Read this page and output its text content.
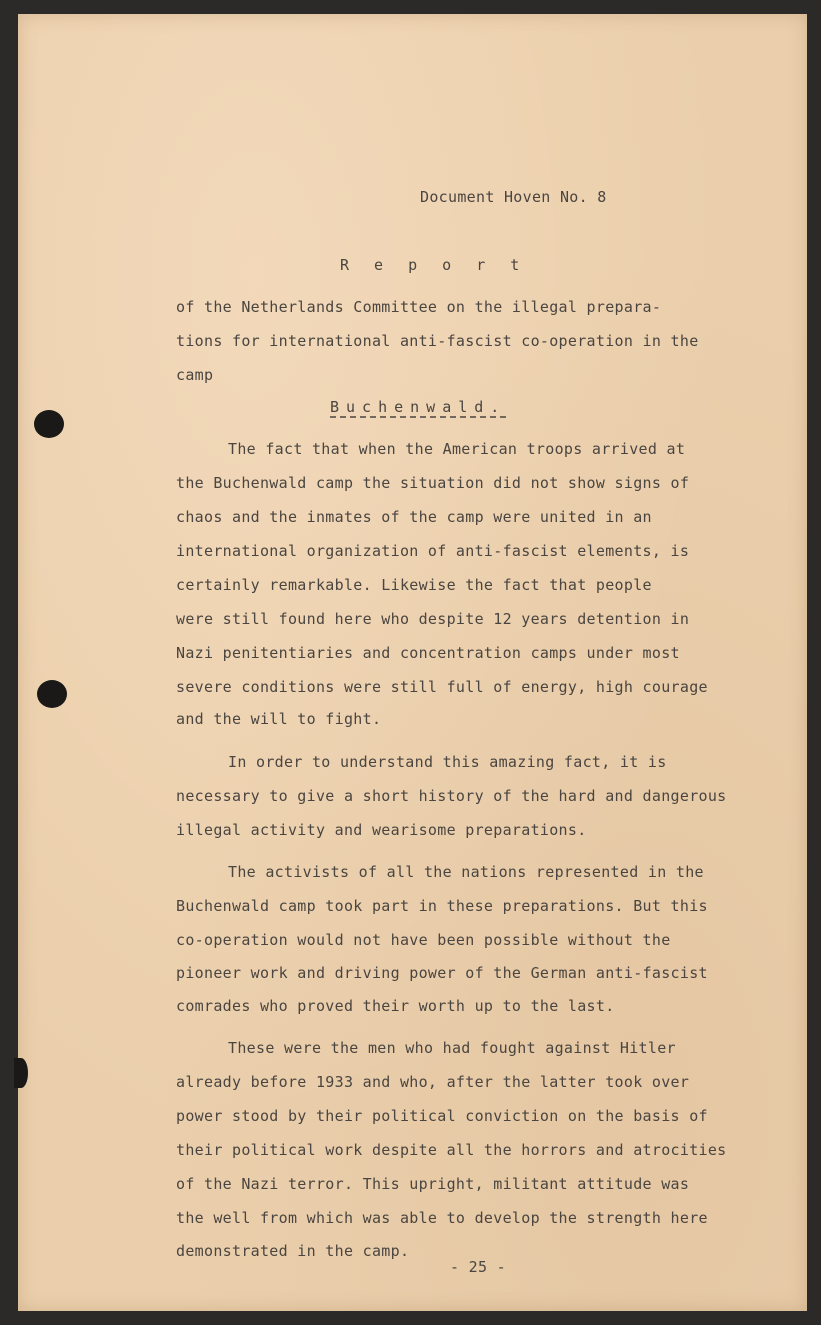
Document Hoven No. 8
R e p o r t
of the Netherlands Committee on the illegal prepara-
tions for international anti-fascist co-operation in the
camp
Buchenwald.
The fact that when the American troops arrived at
the Buchenwald camp the situation did not show signs of
chaos and the inmates of the camp were united in an
international organization of anti-fascist elements, is
certainly remarkable. Likewise the fact that people
were still found here who despite 12 years detention in
Nazi penitentiaries and concentration camps under most
severe conditions were still full of energy, high courage
and the will to fight.
In order to understand this amazing fact, it is
necessary to give a short history of the hard and dangerous
illegal activity and wearisome preparations.
The activists of all the nations represented in the
Buchenwald camp took part in these preparations. But this
co-operation would not have been possible without the
pioneer work and driving power of the German anti-fascist
comrades who proved their worth up to the last.
These were the men who had fought against Hitler
already before 1933 and who, after the latter took over
power stood by their political conviction on the basis of
their political work despite all the horrors and atrocities
of the Nazi terror. This upright, militant attitude was
the well from which was able to develop the strength here
demonstrated in the camp.
- 25 -
